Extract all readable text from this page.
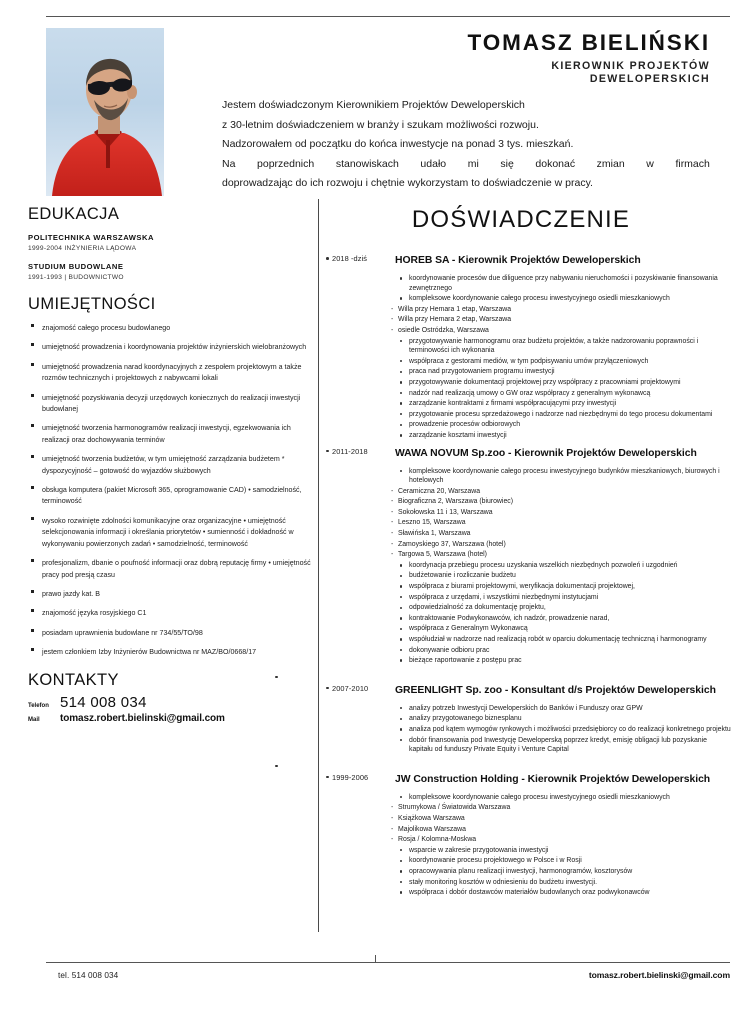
TOMASZ BIELIŃSKI
KIEROWNIK PROJEKTÓW
DEWELOPERSKICH
Jestem doświadczonym Kierownikiem Projektów Deweloperskich
z 30-letnim doświadczeniem w branży i szukam możliwości rozwoju.
Nadzorowałem od początku do końca inwestycje na ponad 3 tys. mieszkań.
Na poprzednich stanowiskach udało mi się dokonać zmian w firmach
doprowadzając do ich rozwoju i chętnie wykorzystam to doświadczenie w pracy.
EDUKACJA
POLITECHNIKA WARSZAWSKA
1999-2004 INŻYNIERIA LĄDOWA
STUDIUM BUDOWLANE
1991-1993 | BUDOWNICTWO
UMIEJĘTNOŚCI
znajomość całego procesu budowlanego
umiejętność prowadzenia i koordynowania projektów inżynierskich wielobranżowych
umiejętność prowadzenia narad koordynacyjnych z zespołem projektowym a także rozmów technicznych i projektowych z nabywcami lokali
umiejętność pozyskiwania decyzji urzędowych koniecznych do realizacji inwestycji budowlanej
umiejętność tworzenia harmonogramów realizacji inwestycji, egzekwowania ich realizacji oraz dochowywania terminów
umiejętność tworzenia budżetów, w tym umiejętność zarządzania budżetem * dyspozycyjność – gotowość do wyjazdów służbowych
obsługa komputera (pakiet Microsoft 365, oprogramowanie CAD) • samodzielność, terminowość
wysoko rozwinięte zdolności komunikacyjne oraz organizacyjne • umiejętność selekcjonowania informacji i określania priorytetów • sumienność i dokładność w wykonywaniu powierzonych zadań • samodzielność, terminowość
profesjonalizm, dbanie o poufność informacji oraz dobrą reputację firmy • umiejętność pracy pod presją czasu
prawo jazdy kat. B
znajomość języka rosyjskiego C1
posiadam uprawnienia budowlane nr 734/55/TO/98
jestem członkiem Izby Inżynierów Budownictwa nr MAZ/BO/0668/17
KONTAKTY
Telefon 514 008 034
Mail	tomasz.robert.bielinski@gmail.com
DOŚWIADCZENIE
2018 -dziś	HOREB SA - Kierownik Projektów Deweloperskich
koordynowanie procesów due diliguence przy nabywaniu nieruchomości i pozyskiwanie finansowania zewnętrznego
kompleksowe koordynowanie całego procesu inwestycyjnego osiedli mieszkaniowych
- Willa przy Hemara 1 etap, Warszawa
- Willa przy Hemara 2 etap, Warszawa
- osiedle Ostródzka, Warszawa
przygotowywanie harmonogramu oraz budżetu projektów, a także nadzorowaniu poprawności i terminowości ich wykonania
współpraca z gestorami mediów, w tym podpisywaniu umów przyłączeniowych
praca nad przygotowaniem programu inwestycji
przygotowywanie dokumentacji projektowej przy współpracy z pracowniami projektowymi
nadzór nad realizacją umowy o GW oraz współpracy z generalnym wykonawcą
zarządzanie kontraktami z firmami współpracującymi przy inwestycji
przygotowanie procesu sprzedażowego i nadzorze nad niezbędnymi do tego procesu dokumentami
prowadzenie procesów odbiorowych
zarządzanie kosztami inwestycji
2011-2018	WAWA NOVUM Sp.zoo - Kierownik Projektów Deweloperskich
kompleksowe koordynowanie całego procesu inwestycyjnego budynków mieszkaniowych, biurowych i hotelowych
- Ceramiczna 20, Warszawa
- Biograficzna 2, Warszawa (biurowiec)
- Sokołowska 11 i 13, Warszawa
- Leszno 15, Warszawa
- Sławińska 1, Warszawa
- Zamoyskiego 37, Warszawa (hotel)
- Targowa 5, Warszawa (hotel)
koordynacja przebiegu procesu uzyskania wszelkich niezbędnych pozwoleń i uzgodnień
budżetowanie i rozliczanie budżetu
współpraca z biurami projektowymi, weryfikacja dokumentacji projektowej,
współpraca z urzędami, i wszystkimi niezbędnymi instytucjami
odpowiedzialność za dokumentację projektu,
kontraktowanie Podwykonawców, ich nadzór, prowadzenie narad,
współpraca z Generalnym Wykonawcą
współudział w nadzorze nad realizacją robót w oparciu dokumentację techniczną i harmonogramy
dokonywanie odbioru prac
bieżące raportowanie z postępu prac
2007-2010	GREENLIGHT Sp. zoo - Konsultant d/s Projektów Deweloperskich
analizy potrzeb Inwestycji Deweloperskich do Banków i Funduszy oraz GPW
analizy przygotowanego biznesplanu
analiza pod kątem wymogów rynkowych i możliwości przedsiębiorcy co do realizacji konkretnego projektu
dobór finansowania pod Inwestycję Deweloperską poprzez kredyt, emisję obligacji lub pozyskanie kapitału od funduszy Private Equity i Venture Capital
1999-2006	JW Construction Holding - Kierownik Projektów Deweloperskich
kompleksowe koordynowanie całego procesu inwestycyjnego osiedli mieszkaniowych
- Strumykowa / Światowida Warszawa
- Książkowa Warszawa
- Majolikowa Warszawa
- Rosja / Kolomna-Moskwa
wsparcie w zakresie przygotowania inwestycji
koordynowanie procesu projektowego w Polsce i w Rosji
opracowywania planu realizacji inwestycji, harmonogramów, kosztorysów
stały monitoring kosztów w odniesieniu do budżetu inwestycji.
współpraca i dobór dostawców materiałów budowlanych oraz podwykonawców
tel. 514 008 034	tomasz.robert.bielinski@gmail.com
